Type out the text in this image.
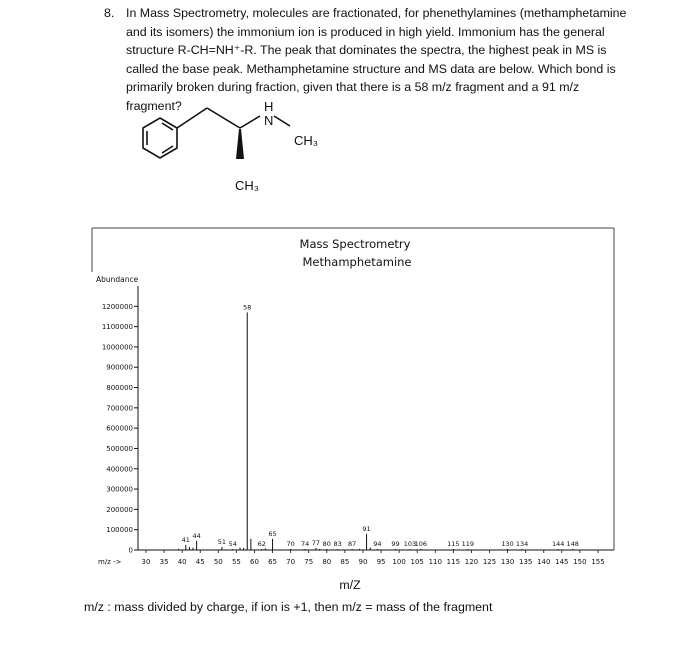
8. In Mass Spectrometry, molecules are fractionated, for phenethylamines (methamphetamine and its isomers) the immonium ion is produced in high yield. Immonium has the general structure R-CH=NH⁺-R. The peak that dominates the spectra, the highest peak in MS is called the base peak. Methamphetamine structure and MS data are below. Which bond is primarily broken during fraction, given that there is a 58 m/z fragment and a 91 m/z fragment?	H
N
CH₃
CH₃
Mass Spectrometry
Methamphetamine
Abundance
m/z ->
0
100000
200000
300000
400000
500000
600000
700000
800000
900000
1000000
1100000
1200000
30 35 40 45 50 55 60 65 70 75 80 85 90 95 100 105 110 115 120 125 130 135 140 145 150 155
41
44
51 54
58
62
65
70 74 77 80 83 87
91
94 99 103
106	115 119	130 134	144 148
m/Z
m/z : mass divided by charge, if ion is +1, then m/z = mass of the fragment
